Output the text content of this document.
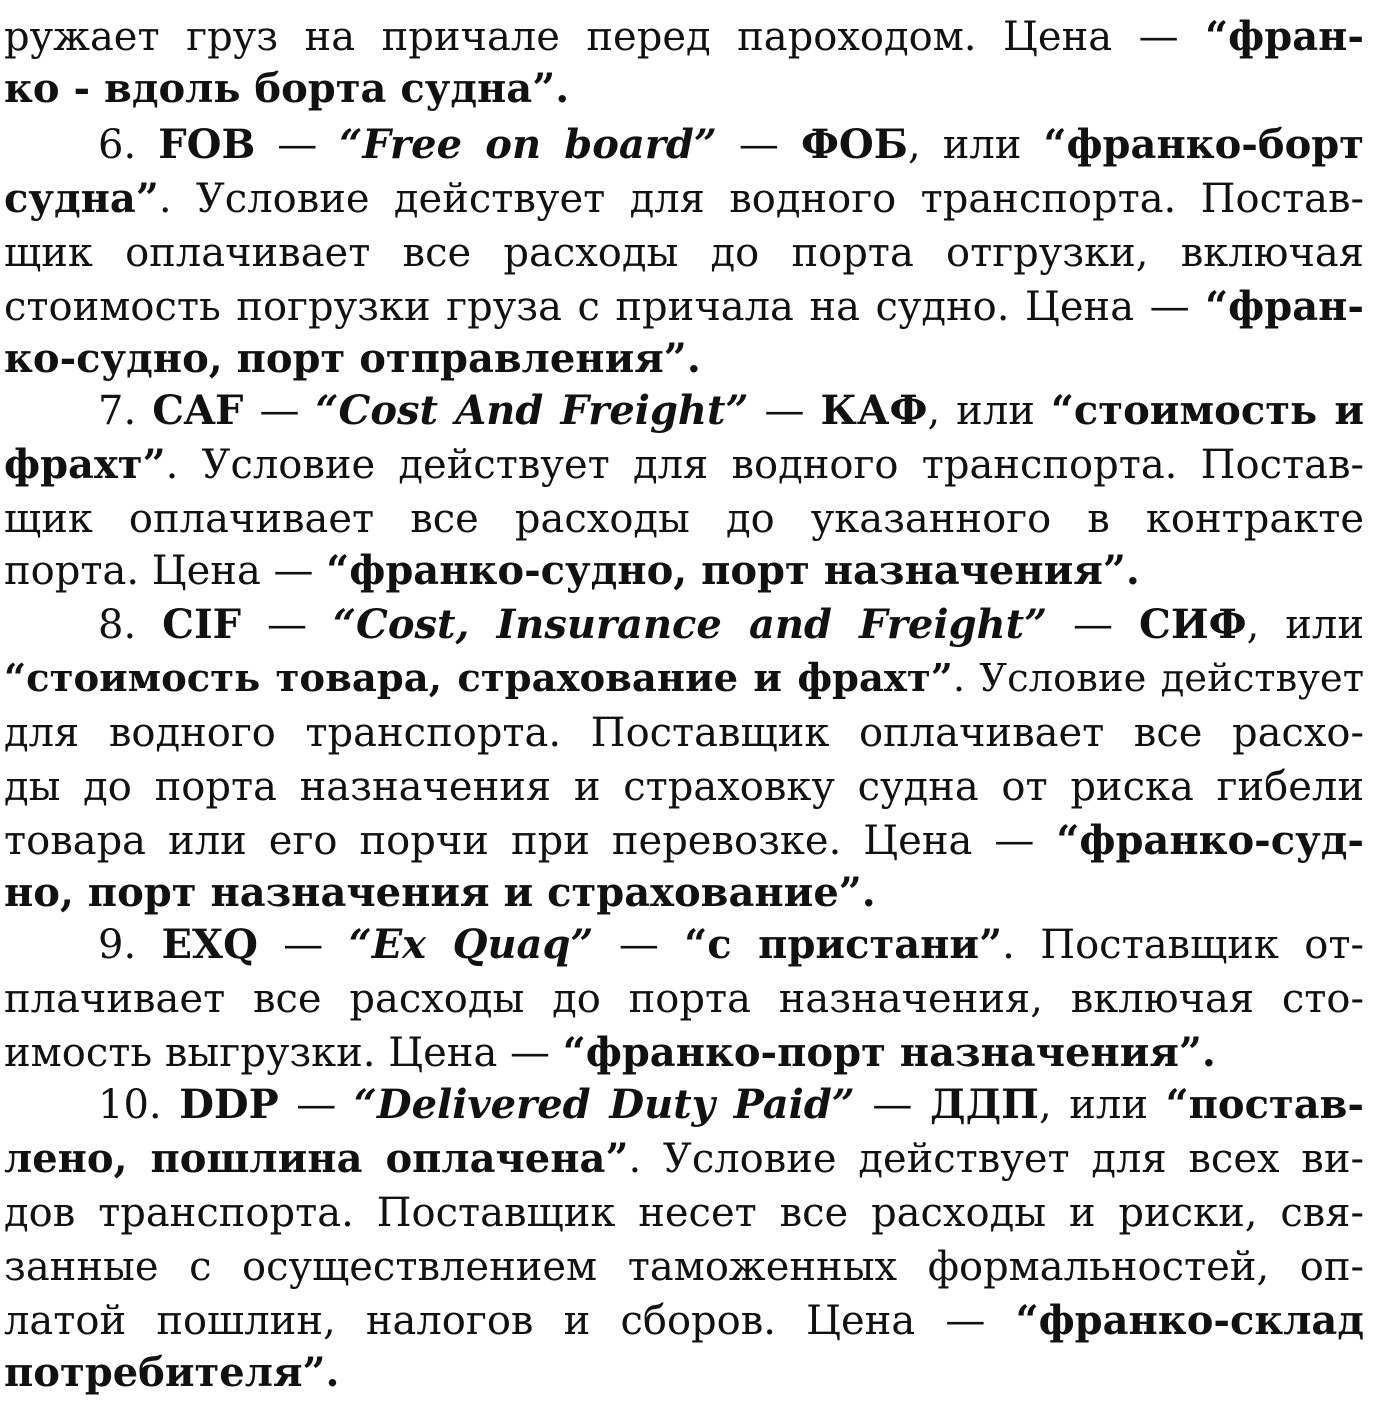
ружает груз на причале перед пароходом. Цена — “фран-
ко - вдоль борта судна”.
6. FOB — “Free on board” — ФОБ, или “франко-борт
судна”. Условие действует для водного транспорта. Постав-
щик оплачивает все расходы до порта отгрузки, включая
стоимость погрузки груза с причала на судно. Цена — “фран-
ко-судно, порт отправления”.
7. CAF — “Cost And Freight” — КАФ, или “стоимость и
фрахт”. Условие действует для водного транспорта. Постав-
щик оплачивает все расходы до указанного в контракте
порта. Цена — “франко-судно, порт назначения”.
8. CIF — “Cost, Insurance and Freight” — СИФ, или
“стоимость товара, страхование и фрахт”. Условие действует
для водного транспорта. Поставщик оплачивает все расхо-
ды до порта назначения и страховку судна от риска гибели
товара или его порчи при перевозке. Цена — “франко-суд-
но, порт назначения и страхование”.
9. EXQ — “Ex Quaq” — “с пристани”. Поставщик от-
плачивает все расходы до порта назначения, включая сто-
имость выгрузки. Цена — “франко-порт назначения”.
10. DDP — “Delivered Duty Paid” — ДДП, или “постав-
лено, пошлина оплачена”. Условие действует для всех ви-
дов транспорта. Поставщик несет все расходы и риски, свя-
занные с осуществлением таможенных формальностей, оп-
латой пошлин, налогов и сборов. Цена — “франко-склад
потребителя”.
